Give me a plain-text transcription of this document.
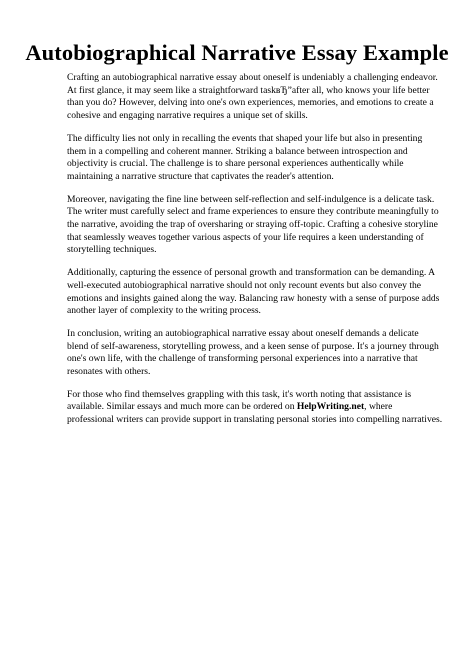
Autobiographical Narrative Essay Example

Crafting an autobiographical narrative essay about oneself is undeniably a challenging endeavor.
At first glance, it may seem like a straightforward taskвЂ”after all, who knows your life better
than you do? However, delving into one's own experiences, memories, and emotions to create a
cohesive and engaging narrative requires a unique set of skills.

The difficulty lies not only in recalling the events that shaped your life but also in presenting
them in a compelling and coherent manner. Striking a balance between introspection and
objectivity is crucial. The challenge is to share personal experiences authentically while
maintaining a narrative structure that captivates the reader's attention.

Moreover, navigating the fine line between self-reflection and self-indulgence is a delicate task.
The writer must carefully select and frame experiences to ensure they contribute meaningfully to
the narrative, avoiding the trap of oversharing or straying off-topic. Crafting a cohesive storyline
that seamlessly weaves together various aspects of your life requires a keen understanding of
storytelling techniques.

Additionally, capturing the essence of personal growth and transformation can be demanding. A
well-executed autobiographical narrative should not only recount events but also convey the
emotions and insights gained along the way. Balancing raw honesty with a sense of purpose adds
another layer of complexity to the writing process.

In conclusion, writing an autobiographical narrative essay about oneself demands a delicate
blend of self-awareness, storytelling prowess, and a keen sense of purpose. It's a journey through
one's own life, with the challenge of transforming personal experiences into a narrative that
resonates with others.

For those who find themselves grappling with this task, it's worth noting that assistance is
available. Similar essays and much more can be ordered on HelpWriting.net, where
professional writers can provide support in translating personal stories into compelling narratives.
